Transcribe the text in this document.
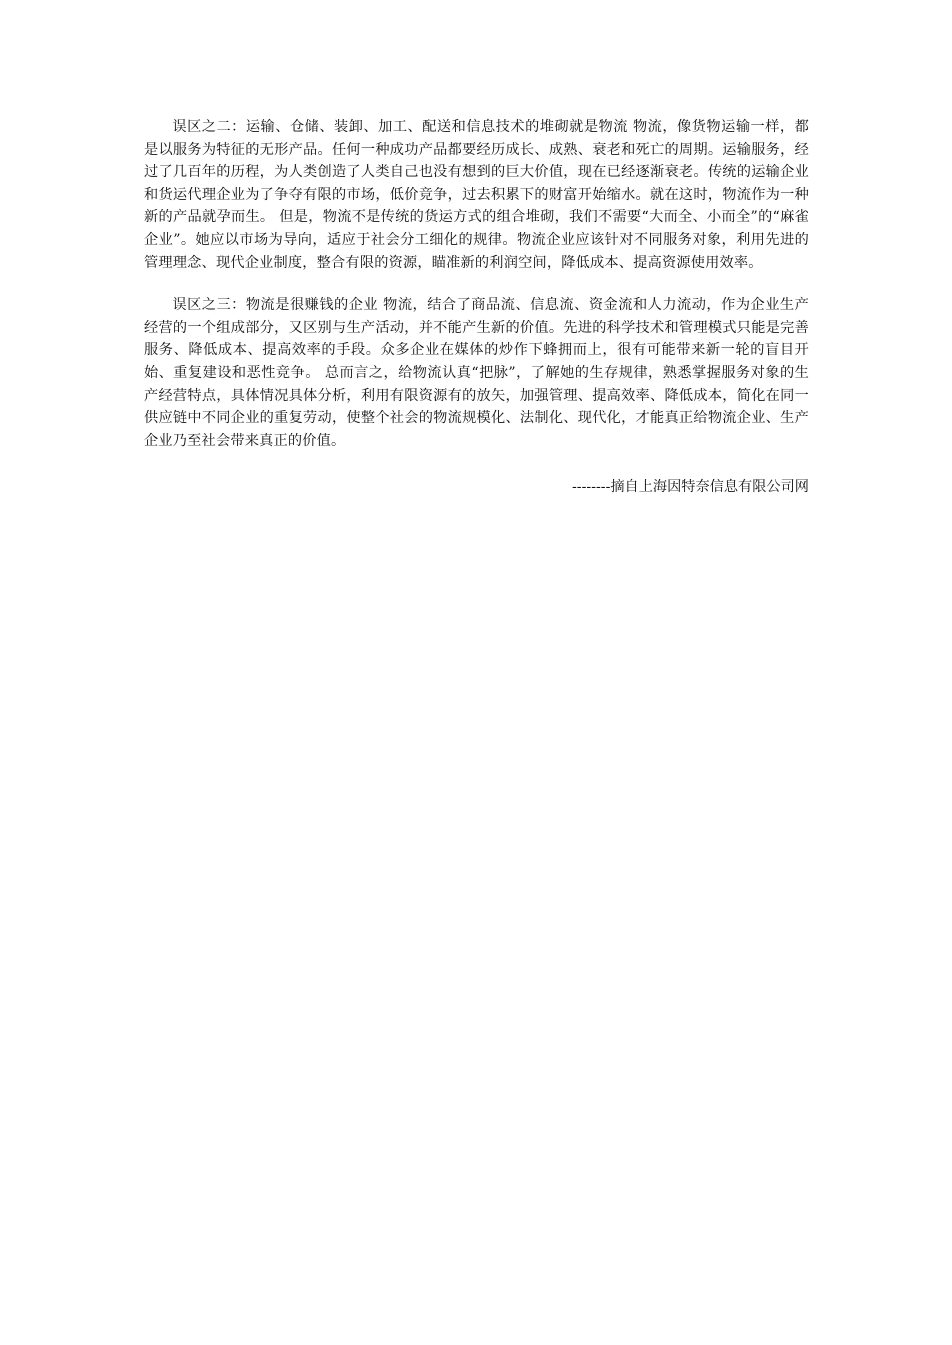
误区之二：运输、仓储、装卸、加工、配送和信息技术的堆砌就是物流 物流，像货物运输一样，都是以服务为特征的无形产品。任何一种成功产品都要经历成长、成熟、衰老和死亡的周期。运输服务，经过了几百年的历程，为人类创造了人类自己也没有想到的巨大价值，现在已经逐渐衰老。传统的运输企业和货运代理企业为了争夺有限的市场，低价竞争，过去积累下的财富开始缩水。就在这时，物流作为一种新的产品就孕而生。 但是，物流不是传统的货运方式的组合堆砌，我们不需要“大而全、小而全”的“麻雀企业”。她应以市场为导向，适应于社会分工细化的规律。物流企业应该针对不同服务对象，利用先进的管理理念、现代企业制度，整合有限的资源，瞄准新的利润空间，降低成本、提高资源使用效率。

误区之三：物流是很赚钱的企业 物流，结合了商品流、信息流、资金流和人力流动，作为企业生产经营的一个组成部分，又区别与生产活动，并不能产生新的价值。先进的科学技术和管理模式只能是完善服务、降低成本、提高效率的手段。众多企业在媒体的炒作下蜂拥而上，很有可能带来新一轮的盲目开始、重复建设和恶性竞争。 总而言之，给物流认真“把脉”，了解她的生存规律，熟悉掌握服务对象的生产经营特点，具体情况具体分析，利用有限资源有的放矢，加强管理、提高效率、降低成本，简化在同一供应链中不同企业的重复劳动，使整个社会的物流规模化、法制化、现代化，才能真正给物流企业、生产企业乃至社会带来真正的价值。

--------摘自上海因特奈信息有限公司网
